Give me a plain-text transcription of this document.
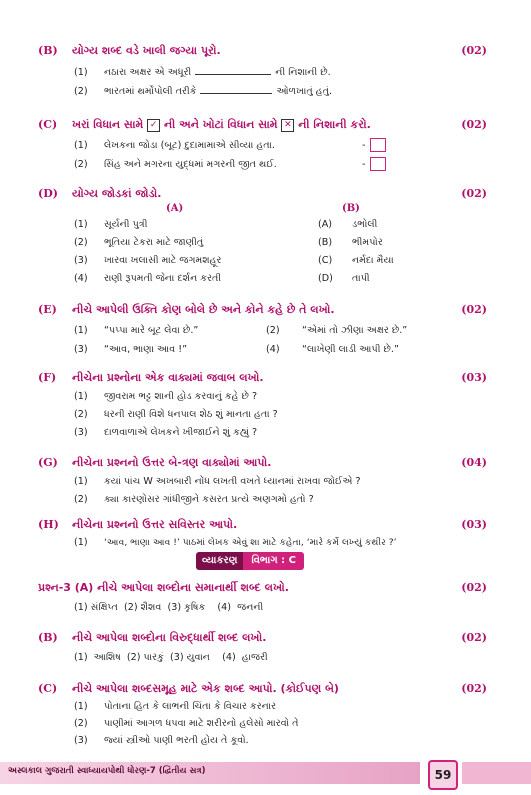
(B) યોગ્ય શબ્દ વડે ખાલી જગ્યા પૂરો.	(02)
(1) નઠારા અક્ષર એ અધૂરી	ની નિશાની છે.
(2) ભારતમાં થર્મોપોલી તરીકે	ઓળખાતું હતું.
(C) ખરાં વિધાન સામે ✓ ની અને ખોટાં વિધાન સામે ✕ ની નિશાની કરો.	(02)
(1) લેખકના જોડા (બૂટ) દુદામામાએ સીવ્યા હતા.	-
(2) સિંહ અને મગરના યુદ્ધમાં મગરની જીત થઈ.	-
(D) યોગ્ય જોડકાં જોડો.	(02)
(A)	(B)
(1) સૂર્યની પુત્રી	(A) ડભોલી
(2) ભૂતિયા ટેકરા માટે જાણીતું	(B) ભીમપોર
(3) ખારવા ખલાસી માટે જગમશહૂર	(C) નર્મદા મૈયા
(4) રાણી રૂપમતી જેના દર્શન કરતી	(D) તાપી
(E) નીચે આપેલી ઉક્તિ કોણ બોલે છે અને કોને કહે છે તે લખો.	(02)
(1) “પપ્પા મારે બૂટ લેવા છે.”	(2) “એમાં તો ઝીણા અક્ષર છે.”
(3) “આવ, ભાણા આવ !”	(4) “લાખેણી લાડી આપી છે.”
(F) નીચેના પ્રશ્નોના એક વાક્યમાં જવાબ લખો.	(03)
(1) જીવરામ ભટ્ટ શાની હોડ કરવાનું કહે છે ?
(2) ધરની રાણી વિશે ધનપાલ શેઠ શું માનતા હતા ?
(3) દાળવાળાએ લેખકને ખીજાઈને શું કહ્યું ?
(G) નીચેના પ્રશ્નનો ઉત્તર બે-ત્રણ વાક્યોમાં આપો.	(04)
(1) કયાં પાંચ W અખબારી નોંધ લખતી વખતે ધ્યાનમાં રાખવા જોઈએ ?
(2) ક્યા કારણોસર ગાંધીજીને કસરત પ્રત્યે અણગમો હતો ?
(H) નીચેના પ્રશ્નનો ઉત્તર સવિસ્તર આપો.	(03)
(1) ‘આવ, ભાણા આવ !’ પાઠમાં લેખક એવું શા માટે કહેતા, ‘મારે કર્મે લખ્યું કથીર ?’
વ્યાકરણ	વિભાગ : C
પ્રશ્ન-3 (A) નીચે આપેલા શબ્દોના સમાનાર્થી શબ્દ લખો.	(02)
(1) સંક્ષિપ્ત  (2) શૈશવ  (3) કૃષિક    (4)  જનની
(B) નીચે આપેલા શબ્દોના વિરુદ્ધાર્થી શબ્દ લખો.	(02)
(1)  આશિષ  (2) પારકું  (3) યુવાન    (4)  હાજરી
(C) નીચે આપેલા શબ્દસમૂહ માટે એક શબ્દ આપો. (કોઈપણ બે)	(02)
(1) પોતાના હિત કે લાભની ચિંતા કે વિચાર કરનાર
(2) પાણીમાં આગળ ધપવા માટે શરીરનો હલેસો મારવો તે
(3) જ્યાં સ્ત્રીઓ પાણી ભરતી હોય તે કૂવો.
અસ્લકાલ ગુજરાતી સ્વાધ્યાયપોથી ધોરણ-7 (દ્વિતીય સત્ર)	59
